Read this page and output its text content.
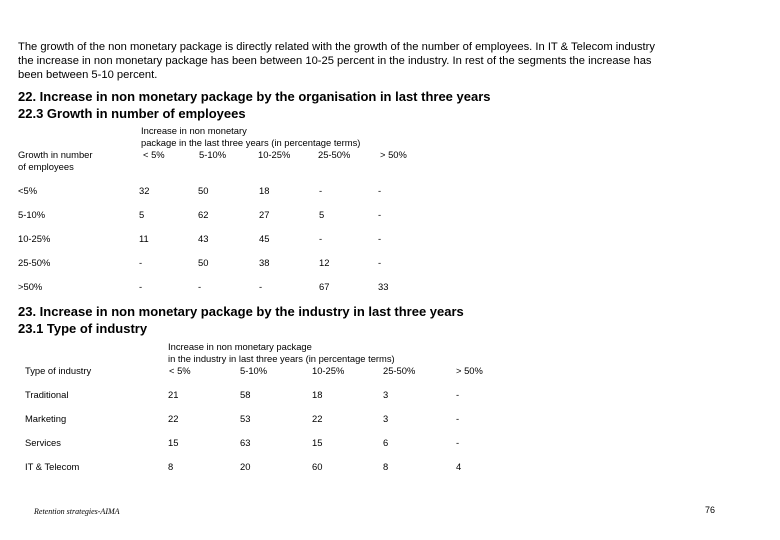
The growth of the non monetary package is directly related with the growth of the number of employees. In IT & Telecom industry the increase in non monetary package has been between 10-25 percent in the industry. In rest of the segments the increase has been between 5-10 percent.
22. Increase in non monetary package by the organisation in last three years
22.3 Growth in number of employees
Increase in non monetary
package in the last three years (in percentage terms)
Growth in number
of employees
< 5%	5-10%	10-25%	25-50%	> 50%
<5%	32	50	18	-	-
5-10%	5	62	27	5	-
10-25%	11	43	45	-	-
25-50%	-	50	38	12	-
>50%	-	-	-	67	33
23. Increase in non monetary package by the industry in last three years
23.1 Type of industry
Increase in non monetary package
in the industry in last three years (in percentage terms)
Type of industry	< 5%	5-10%	10-25%	25-50%	> 50%
Traditional	21	58	18	3	-
Marketing	22	53	22	3	-
Services	15	63	15	6	-
IT & Telecom	8	20	60	8	4
Retention strategies-AIMA	76
